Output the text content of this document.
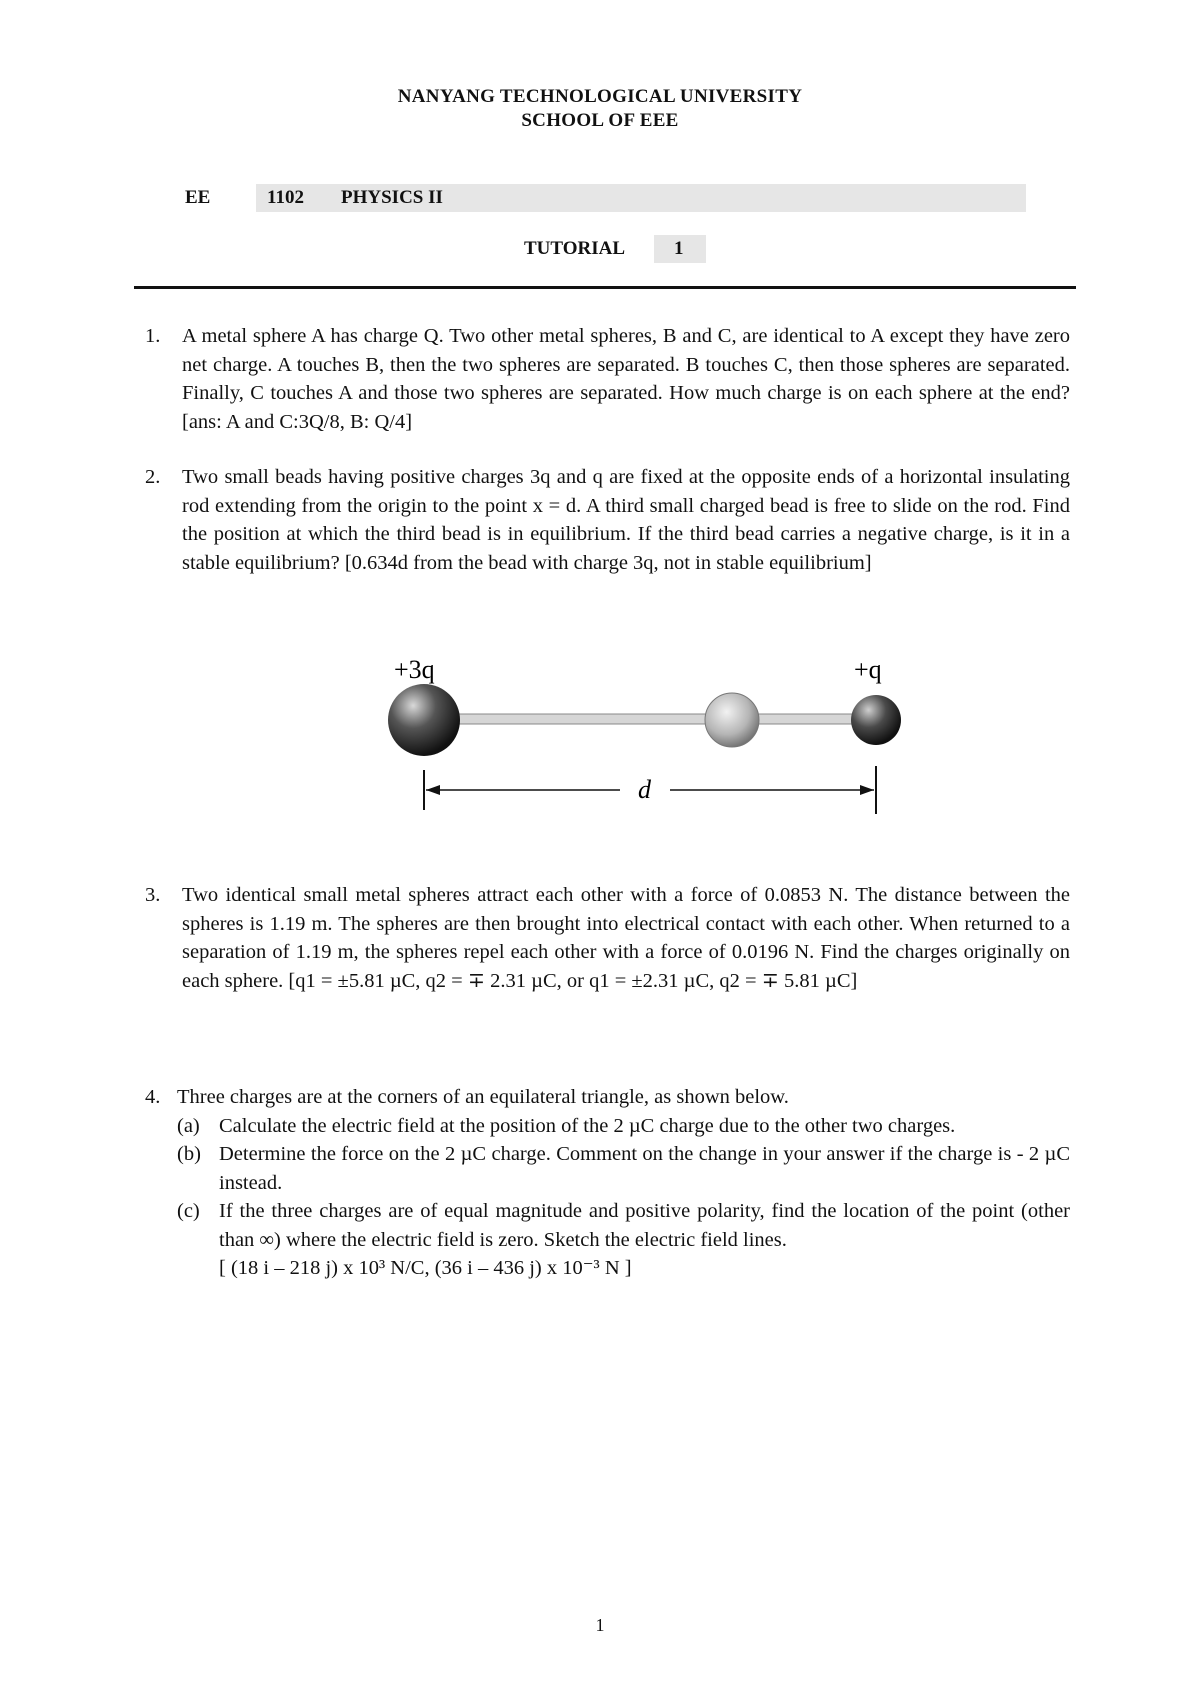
NANYANG TECHNOLOGICAL UNIVERSITY
SCHOOL OF EEE
EE	1102 PHYSICS II
TUTORIAL	1
1. A metal sphere A has charge Q. Two other metal spheres, B and C, are identical to A except they have zero net charge. A touches B, then the two spheres are separated. B touches C, then those spheres are separated. Finally, C touches A and those two spheres are separated. How much charge is on each sphere at the end? [ans: A and C:3Q/8, B: Q/4]
2. Two small beads having positive charges 3q and q are fixed at the opposite ends of a horizontal insulating rod extending from the origin to the point x = d. A third small charged bead is free to slide on the rod. Find the position at which the third bead is in equilibrium. If the third bead carries a negative charge, is it in a stable equilibrium? [0.634d from the bead with charge 3q, not in stable equilibrium]
+3q	+q
d
3. Two identical small metal spheres attract each other with a force of 0.0853 N. The distance between the spheres is 1.19 m. The spheres are then brought into electrical contact with each other. When returned to a separation of 1.19 m, the spheres repel each other with a force of 0.0196 N. Find the charges originally on each sphere. [q1 = ±5.81 µC, q2 = ∓ 2.31 µC, or q1 = ±2.31 µC, q2 = ∓ 5.81 µC]
4. Three charges are at the corners of an equilateral triangle, as shown below.
(a) Calculate the electric field at the position of the 2 µC charge due to the other two charges.
(b) Determine the force on the 2 µC charge. Comment on the change in your answer if the charge is - 2 µC instead.
(c) If the three charges are of equal magnitude and positive polarity, find the location of the point (other than ∞) where the electric field is zero. Sketch the electric field lines.
[ (18 i – 218 j) x 10³ N/C, (36 i – 436 j) x 10⁻³ N ]
1
